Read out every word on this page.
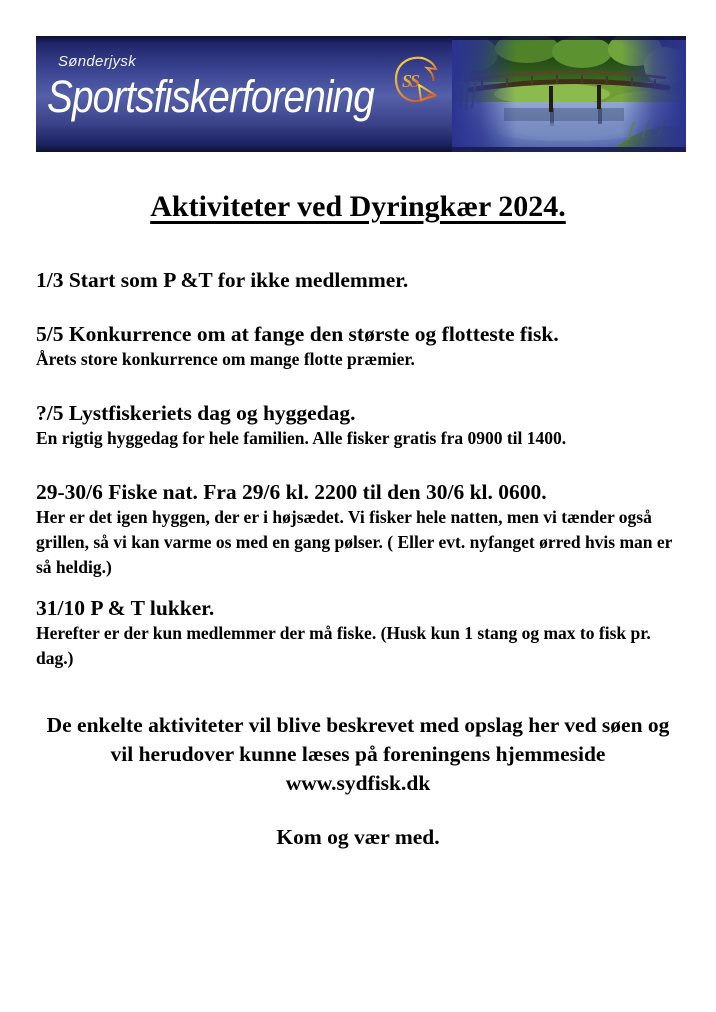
Sønderjysk
Sportsfiskerforening SS
Aktiviteter ved Dyringkær 2024.
1/3 Start som P &T for ikke medlemmer.
5/5 Konkurrence om at fange den største og flotteste fisk.
Årets store konkurrence om mange flotte præmier.
?/5 Lystfiskeriets dag og hyggedag.
En rigtig hyggedag for hele familien. Alle fisker gratis fra 0900 til 1400.
29-30/6 Fiske nat. Fra 29/6 kl. 2200 til den 30/6 kl. 0600.
Her er det igen hyggen, der er i højsædet. Vi fisker hele natten, men vi tænder også grillen, så vi kan varme os med en gang pølser. ( Eller evt. nyfanget ørred hvis man er så heldig.)
31/10 P & T lukker.
Herefter er der kun medlemmer der må fiske. (Husk kun 1 stang og max to fisk pr. dag.)

De enkelte aktiviteter vil blive beskrevet med opslag her ved søen og vil herudover kunne læses på foreningens hjemmeside www.sydfisk.dk

Kom og vær med.
